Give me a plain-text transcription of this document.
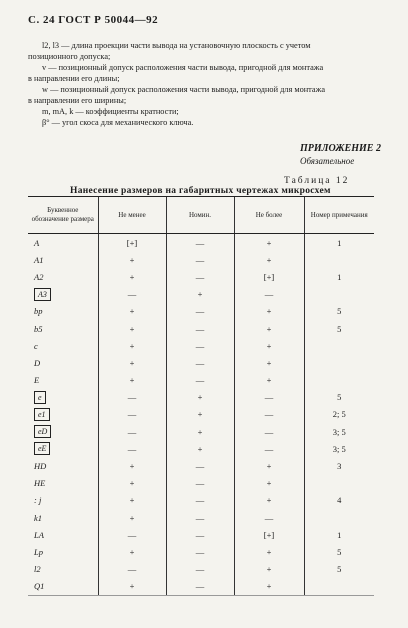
С. 24 ГОСТ Р 50044—92
l2, l3 — длина проекции части вывода на установочную плоскость с учетом
позиционного допуска;
v — позиционный допуск расположения части вывода, пригодной для монтажа
в направлении его длины;
w — позиционный допуск расположения части вывода, пригодной для монтажа
в направлении его ширины;
m, mA, k — коэффициенты кратности;
β° — угол скоса для механического ключа.
ПРИЛОЖЕНИЕ 2
Обязательное
Таблица 12
Нанесение размеров на габаритных чертежах микросхем
Буквенное обозначение размера	Не менее	Номин.	Не более	Номер примечания
A	[+]	—	+	1
A1	+	—	+	
A2	+	—	[+]	1
A3	—	+	—	
bp	+	—	+	5
b5	+	—	+	5
c	+	—	+	
D	+	—	+	
E	+	—	+	
e	—	+	—	5
e1	—	+	—	2; 5
eD	—	+	—	3; 5
eE	—	+	—	3; 5
HD	+	—	+	3
HE	+	—	+	
: j	+	—	+	4
k1	+	—	—	
LA	—	—	[+]	1
Lp	+	—	+	5
l2	—	—	+	5
Q1	+	—	+	
